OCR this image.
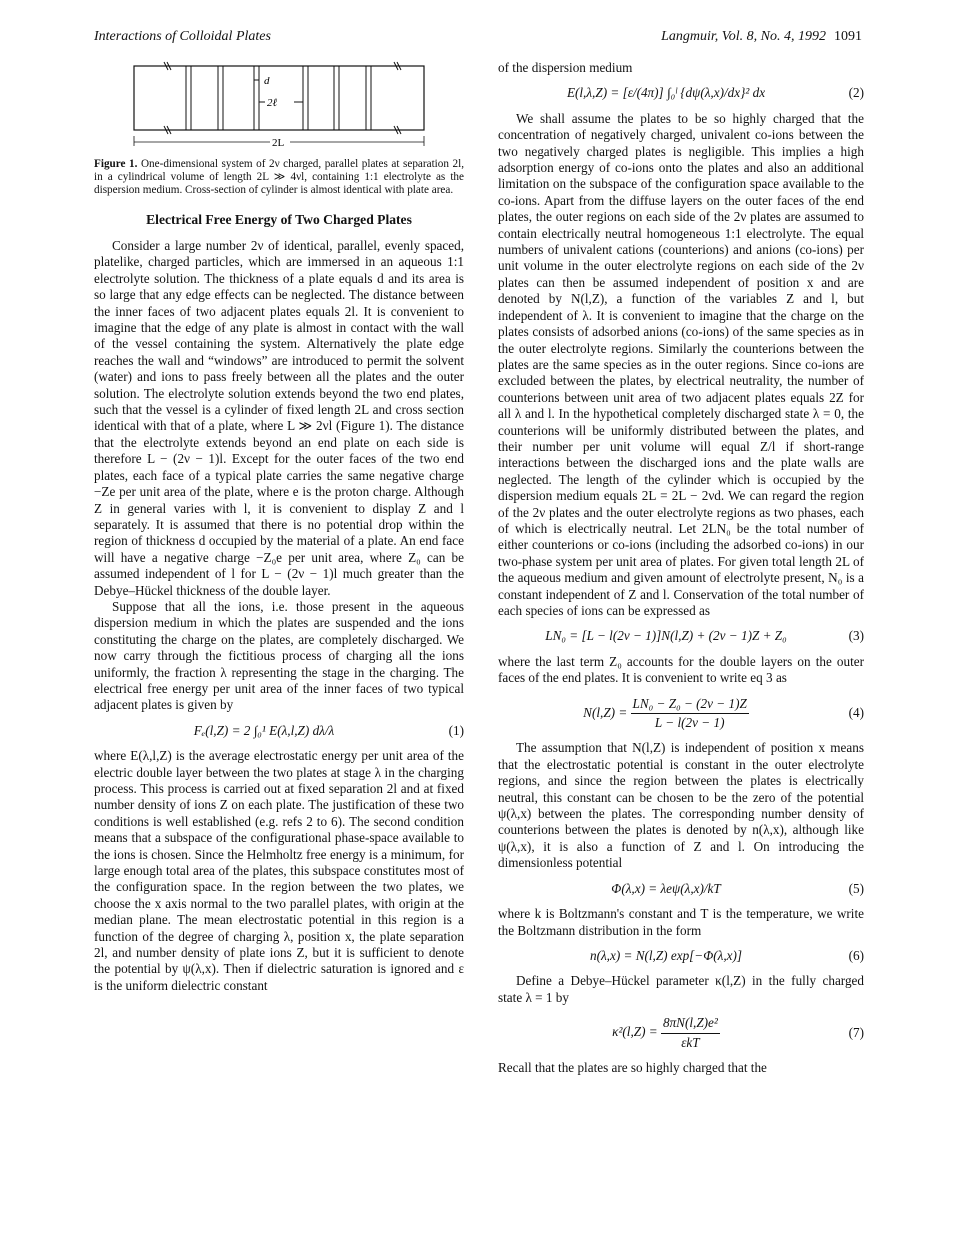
Interactions of Colloidal Plates	Langmuir, Vol. 8, No. 4, 1992 1091
d
2ℓ
2L
Figure 1. One-dimensional system of 2ν charged, parallel plates at separation 2l, in a cylindrical volume of length 2L ≫ 4νl, containing 1:1 electrolyte as the dispersion medium. Cross-section of cylinder is almost identical with plate area.
Electrical Free Energy of Two Charged Plates

Consider a large number 2ν of identical, parallel, evenly spaced, platelike, charged particles, which are immersed in an aqueous 1:1 electrolyte solution. The thickness of a plate equals d and its area is so large that any edge effects can be neglected. The distance between the inner faces of two adjacent plates equals 2l. It is convenient to imagine that the edge of any plate is almost in contact with the wall of the vessel containing the system. Alternatively the plate edge reaches the wall and “windows” are introduced to permit the solvent (water) and ions to pass freely between all the plates and the outer solution. The electrolyte solution extends beyond the two end plates, such that the vessel is a cylinder of fixed length 2L and cross section identical with that of a plate, where L ≫ 2νl (Figure 1). The distance that the electrolyte extends beyond an end plate on each side is therefore L − (2ν − 1)l. Except for the outer faces of the two end plates, each face of a typical plate carries the same negative charge −Ze per unit area of the plate, where e is the proton charge. Although Z in general varies with l, it is convenient to display Z and l separately. It is assumed that there is no potential drop within the region of thickness d occupied by the material of a plate. An end face will have a negative charge −Z₀e per unit area, where Z₀ can be assumed independent of l for L − (2ν − 1)l much greater than the Debye–Hückel thickness of the double layer.

Suppose that all the ions, i.e. those present in the aqueous dispersion medium in which the plates are suspended and the ions constituting the charge on the plates, are completely discharged. We now carry through the fictitious process of charging all the ions uniformly, the fraction λ representing the stage in the charging. The electrical free energy per unit area of the inner faces of two typical adjacent plates is given by

Fₑ(l,Z) = 2 ∫₀¹ E(λ,l,Z) dλ/λ	(1)

where E(λ,l,Z) is the average electrostatic energy per unit area of the electric double layer between the two plates at stage λ in the charging process. This process is carried out at fixed separation 2l and at fixed number density of ions Z on each plate. The justification of these two conditions is well established (e.g. refs 2 to 6). The second condition means that a subspace of the configurational phase-space available to the ions is chosen. Since the Helmholtz free energy is a minimum, for large enough total area of the plates, this subspace constitutes most of the configuration space. In the region between the two plates, we choose the x axis normal to the two parallel plates, with origin at the median plane. The mean electrostatic potential in this region is a function of the degree of charging λ, position x, the plate separation 2l, and number density of plate ions Z, but it is sufficient to denote the potential by ψ(λ,x). Then if dielectric saturation is ignored and ε is the uniform dielectric constant

of the dispersion medium

E(l,λ,Z) = [ε/(4π)] ∫₀ˡ {dψ(λ,x)/dx}² dx	(2)

We shall assume the plates to be so highly charged that the concentration of negatively charged, univalent co-ions between the two negatively charged plates is negligible. This implies a high adsorption energy of co-ions onto the plates and also an additional limitation on the subspace of the configuration space available to the co-ions. Apart from the diffuse layers on the outer faces of the end plates, the outer regions on each side of the 2ν plates are assumed to contain electrically neutral homogeneous 1:1 electrolyte. The equal numbers of univalent cations (counterions) and anions (co-ions) per unit volume in the outer electrolyte regions on each side of the 2ν plates can then be assumed independent of position x and are denoted by N(l,Z), a function of the variables Z and l, but independent of λ. It is convenient to imagine that the charge on the plates consists of adsorbed anions (co-ions) of the same species as in the outer electrolyte regions. Similarly the counterions between the plates are the same species as in the outer regions. Since co-ions are excluded between the plates, by electrical neutrality, the number of counterions between unit area of two adjacent plates equals 2Z for all λ and l. In the hypothetical completely discharged state λ = 0, the counterions will be uniformly distributed between the plates, and their number per unit volume will equal Z/l if short-range interactions between the discharged ions and the plate walls are neglected. The length of the cylinder which is occupied by the dispersion medium equals 2L = 2L − 2νd. We can regard the region of the 2ν plates and the outer electrolyte regions as two phases, each of which is electrically neutral. Let 2LN₀ be the total number of either counterions or co-ions (including the adsorbed co-ions) in our two-phase system per unit area of plates. For given total length 2L of the aqueous medium and given amount of electrolyte present, N₀ is a constant independent of Z and l. Conservation of the total number of each species of ions can be expressed as

LN₀ = [L − l(2ν − 1)]N(l,Z) + (2ν − 1)Z + Z₀	(3)

where the last term Z₀ accounts for the double layers on the outer faces of the end plates. It is convenient to write eq 3 as

$N(l,Z) = \frac{\text{LN₀ − Z₀ − (2ν − 1)Z}}{L - l(2\nu - 1)}$	(4)

The assumption that N(l,Z) is independent of position x means that the electrostatic potential is constant in the outer electrolyte regions, and since the region between the plates is electrically neutral, this constant can be chosen to be the zero of the potential ψ(λ,x) between the plates. The corresponding number density of counterions between the plates is denoted by n(λ,x), although like ψ(λ,x), it is also a function of Z and l. On introducing the dimensionless potential

Φ(λ,x) = λeψ(λ,x)/kT	(5)

where k is Boltzmann's constant and T is the temperature, we write the Boltzmann distribution in the form

n(λ,x) = N(l,Z) exp[−Φ(λ,x)]	(6)

Define a Debye–Hückel parameter κ(l,Z) in the fully charged state λ = 1 by

$\kappa^2(l,Z) = \frac{\text{8πN(l,Z)e²}}{\text{εkT}}$	(7)

Recall that the plates are so highly charged that the
